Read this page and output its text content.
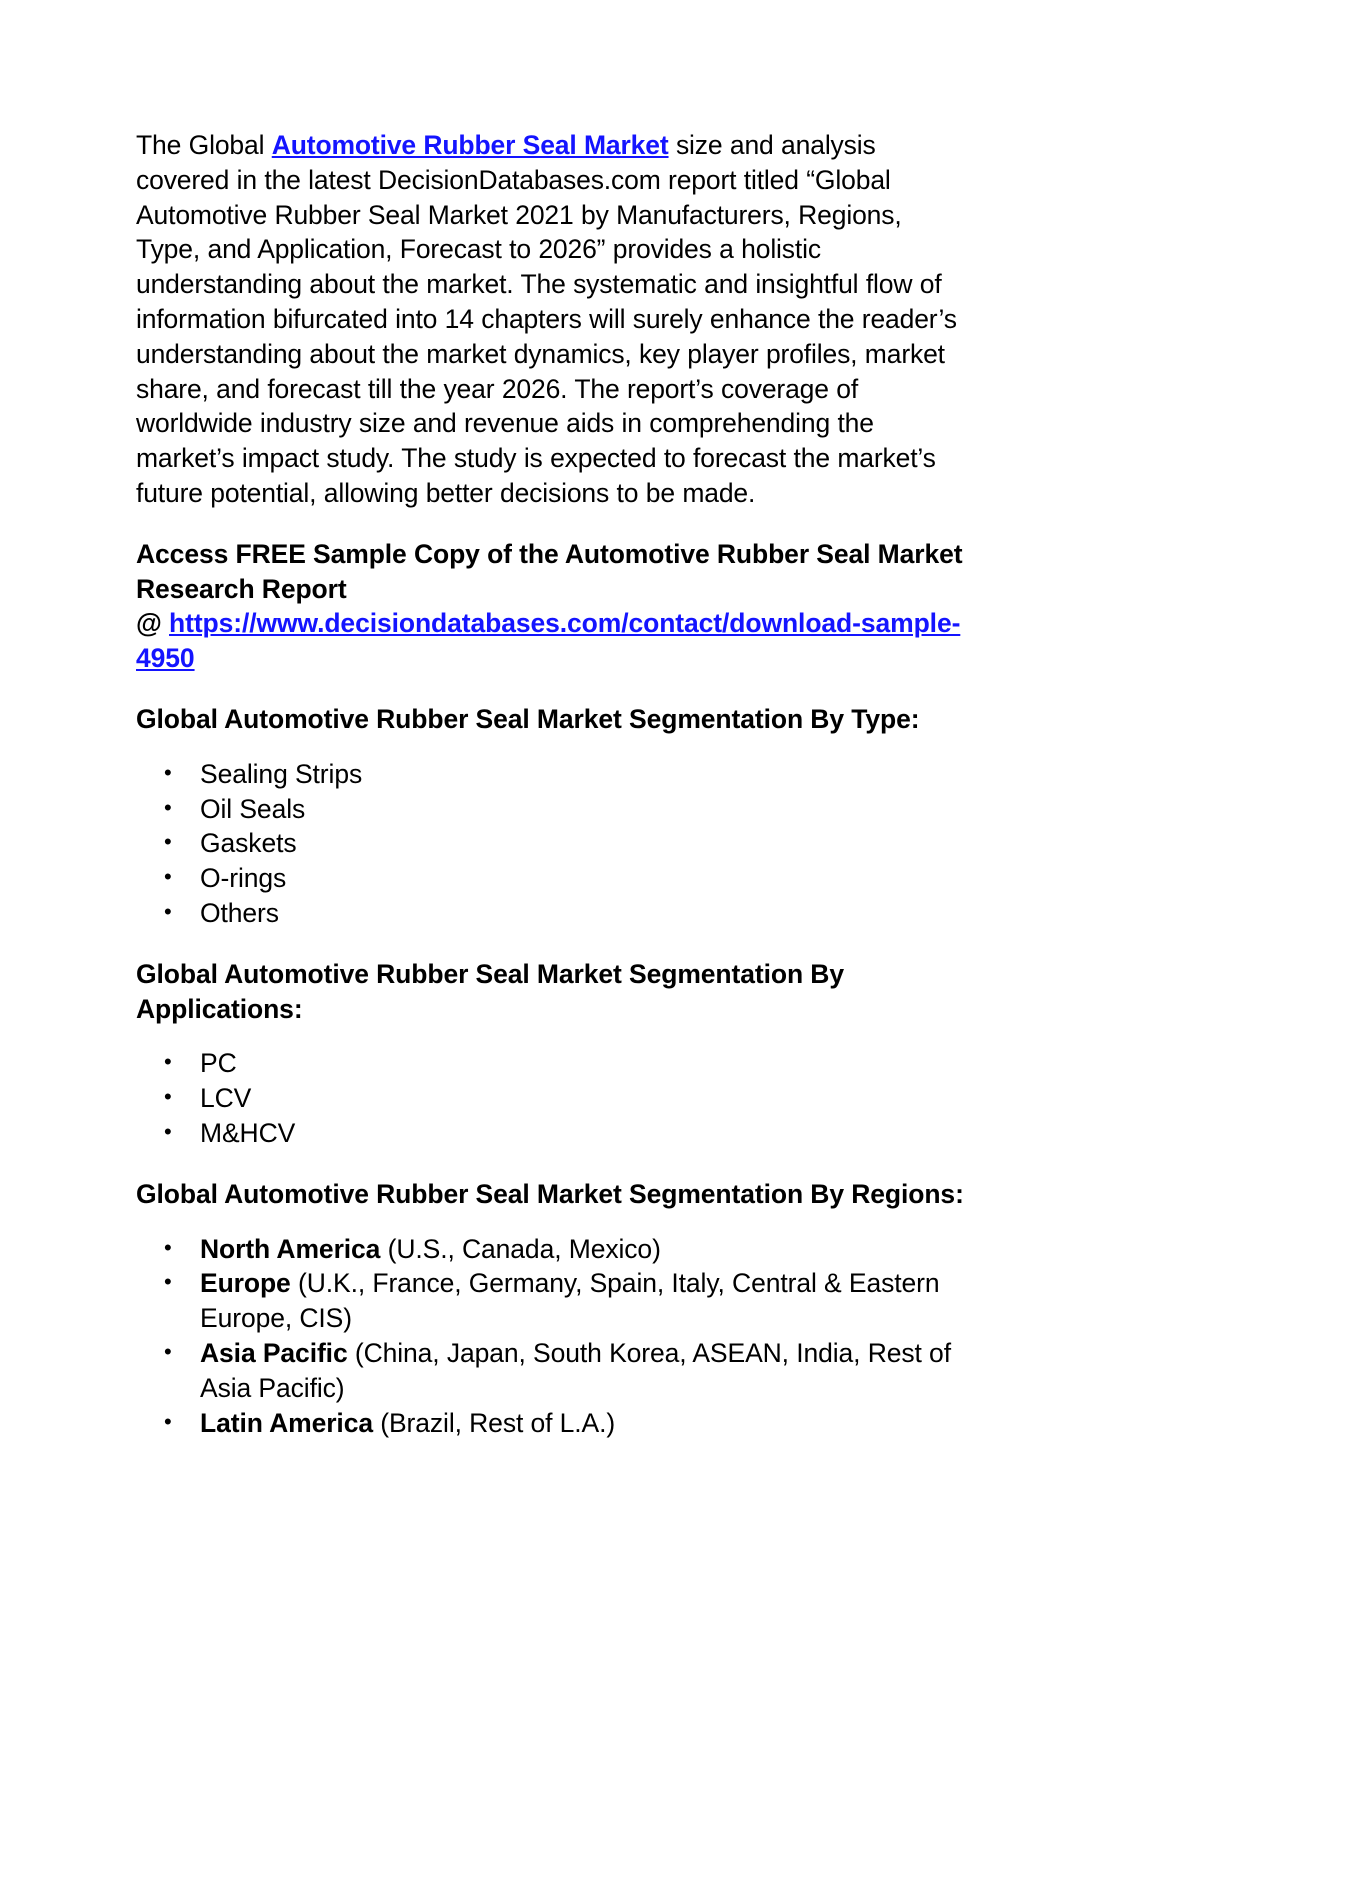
The Global Automotive Rubber Seal Market size and analysis covered in the latest DecisionDatabases.com report titled “Global Automotive Rubber Seal Market 2021 by Manufacturers, Regions, Type, and Application, Forecast to 2026” provides a holistic understanding about the market. The systematic and insightful flow of information bifurcated into 14 chapters will surely enhance the reader’s understanding about the market dynamics, key player profiles, market share, and forecast till the year 2026. The report’s coverage of worldwide industry size and revenue aids in comprehending the market’s impact study. The study is expected to forecast the market’s future potential, allowing better decisions to be made.

Access FREE Sample Copy of the Automotive Rubber Seal Market
Research Report
@ https://www.decisiondatabases.com/contact/download-sample-4950

Global Automotive Rubber Seal Market Segmentation By Type:
• Sealing Strips
• Oil Seals
• Gaskets
• O-rings
• Others
Global Automotive Rubber Seal Market Segmentation By Applications:
• PC
• LCV
• M&HCV
Global Automotive Rubber Seal Market Segmentation By Regions:
• North America (U.S., Canada, Mexico)
• Europe (U.K., France, Germany, Spain, Italy, Central & Eastern Europe, CIS)
• Asia Pacific (China, Japan, South Korea, ASEAN, India, Rest of Asia Pacific)
• Latin America (Brazil, Rest of L.A.)
